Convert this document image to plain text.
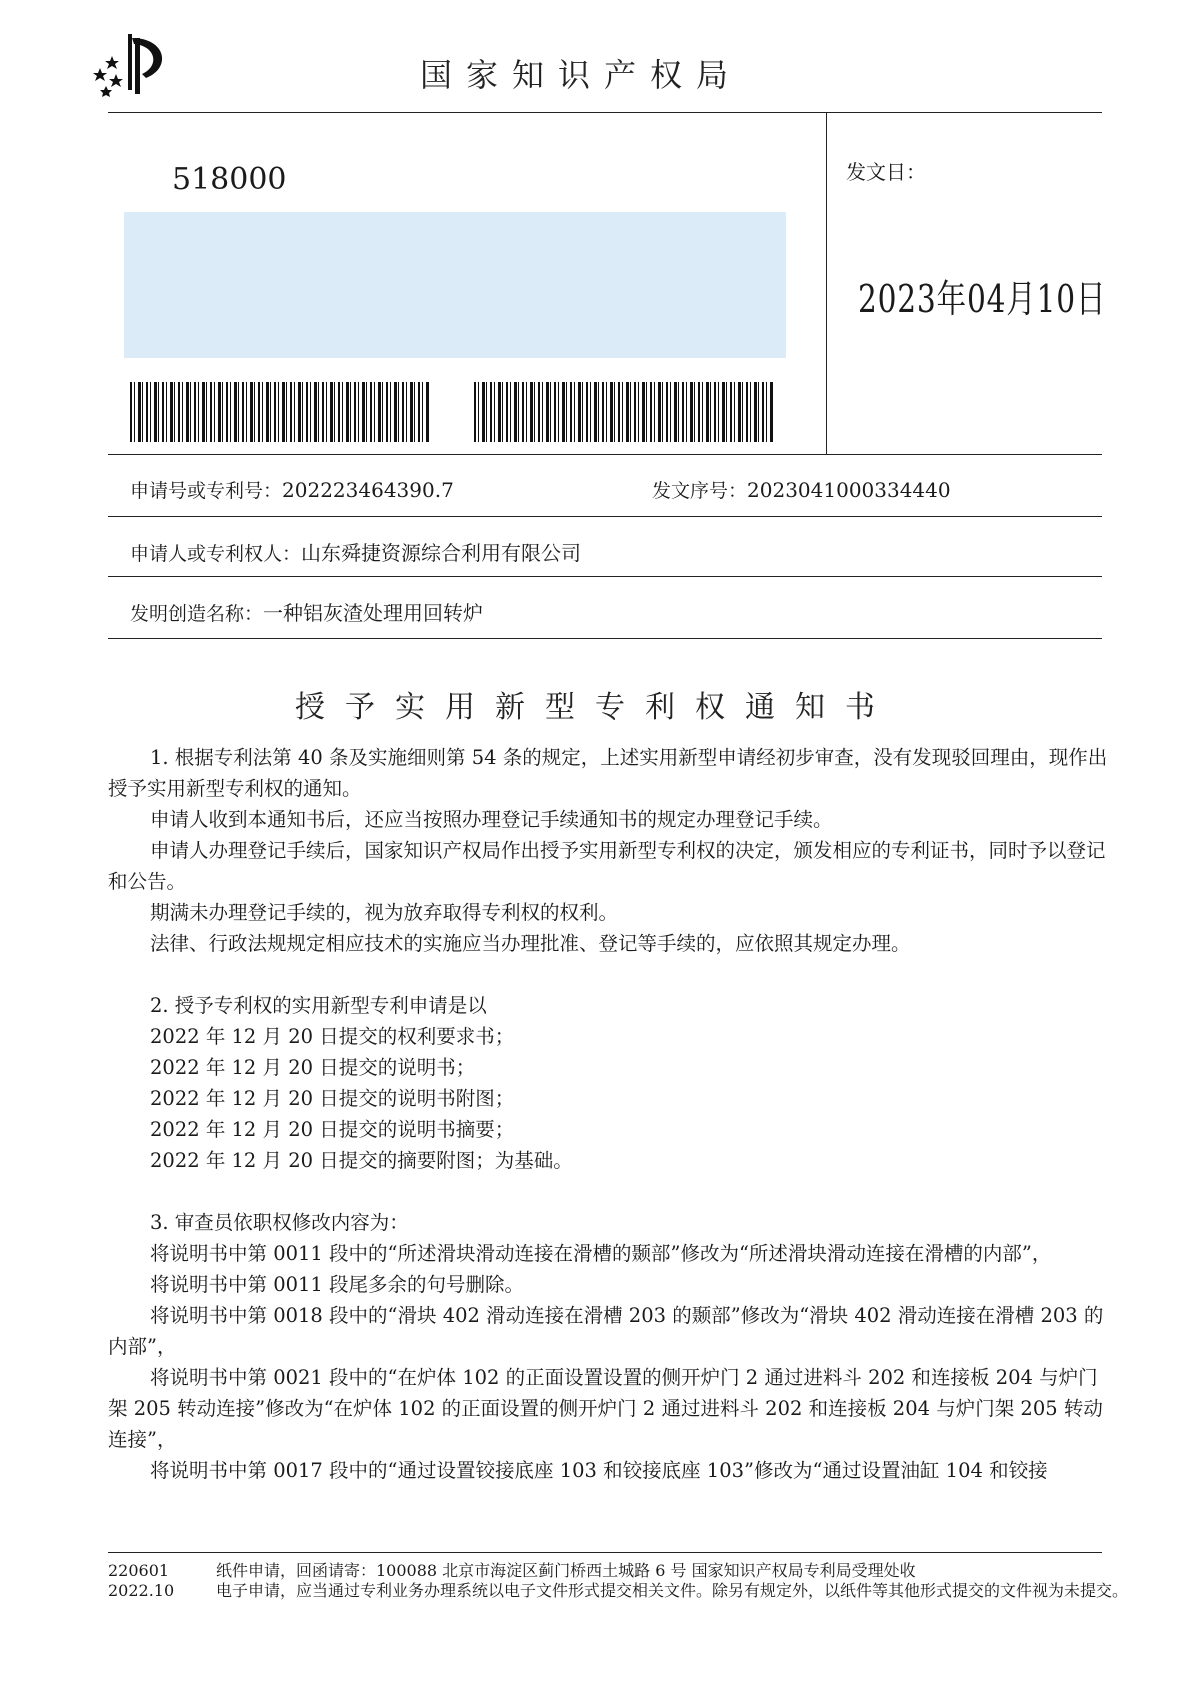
国家知识产权局
518000	发文日：
2023年04月10日
申请号或专利号：202223464390.7	发文序号：2023041000334440
申请人或专利权人：山东舜捷资源综合利用有限公司
发明创造名称：一种铝灰渣处理用回转炉
授予实用新型专利权通知书

1. 根据专利法第 40 条及实施细则第 54 条的规定，上述实用新型申请经初步审查，没有发现驳回理由，现作出授予实用新型专利权的通知。

申请人收到本通知书后，还应当按照办理登记手续通知书的规定办理登记手续。

申请人办理登记手续后，国家知识产权局作出授予实用新型专利权的决定，颁发相应的专利证书，同时予以登记和公告。

期满未办理登记手续的，视为放弃取得专利权的权利。

法律、行政法规规定相应技术的实施应当办理批准、登记等手续的，应依照其规定办理。

2. 授予专利权的实用新型专利申请是以

2022 年 12 月 20 日提交的权利要求书；

2022 年 12 月 20 日提交的说明书；

2022 年 12 月 20 日提交的说明书附图；

2022 年 12 月 20 日提交的说明书摘要；

2022 年 12 月 20 日提交的摘要附图；为基础。

3. 审查员依职权修改内容为：

将说明书中第 0011 段中的“所述滑块滑动连接在滑槽的颞部”修改为“所述滑块滑动连接在滑槽的内部”，

将说明书中第 0011 段尾多余的句号删除。

将说明书中第 0018 段中的“滑块 402 滑动连接在滑槽 203 的颞部”修改为“滑块 402 滑动连接在滑槽 203 的内部”，

将说明书中第 0021 段中的“在炉体 102 的正面设置设置的侧开炉门 2 通过进料斗 202 和连接板 204 与炉门架 205 转动连接”修改为“在炉体 102 的正面设置的侧开炉门 2 通过进料斗 202 和连接板 204 与炉门架 205 转动连接”，

将说明书中第 0017 段中的“通过设置铰接底座 103 和铰接底座 103”修改为“通过设置油缸 104 和铰接

220601
2022.10
纸件申请，回函请寄：100088 北京市海淀区蓟门桥西土城路 6 号 国家知识产权局专利局受理处收
电子申请，应当通过专利业务办理系统以电子文件形式提交相关文件。除另有规定外，以纸件等其他形式提交的文件视为未提交。
